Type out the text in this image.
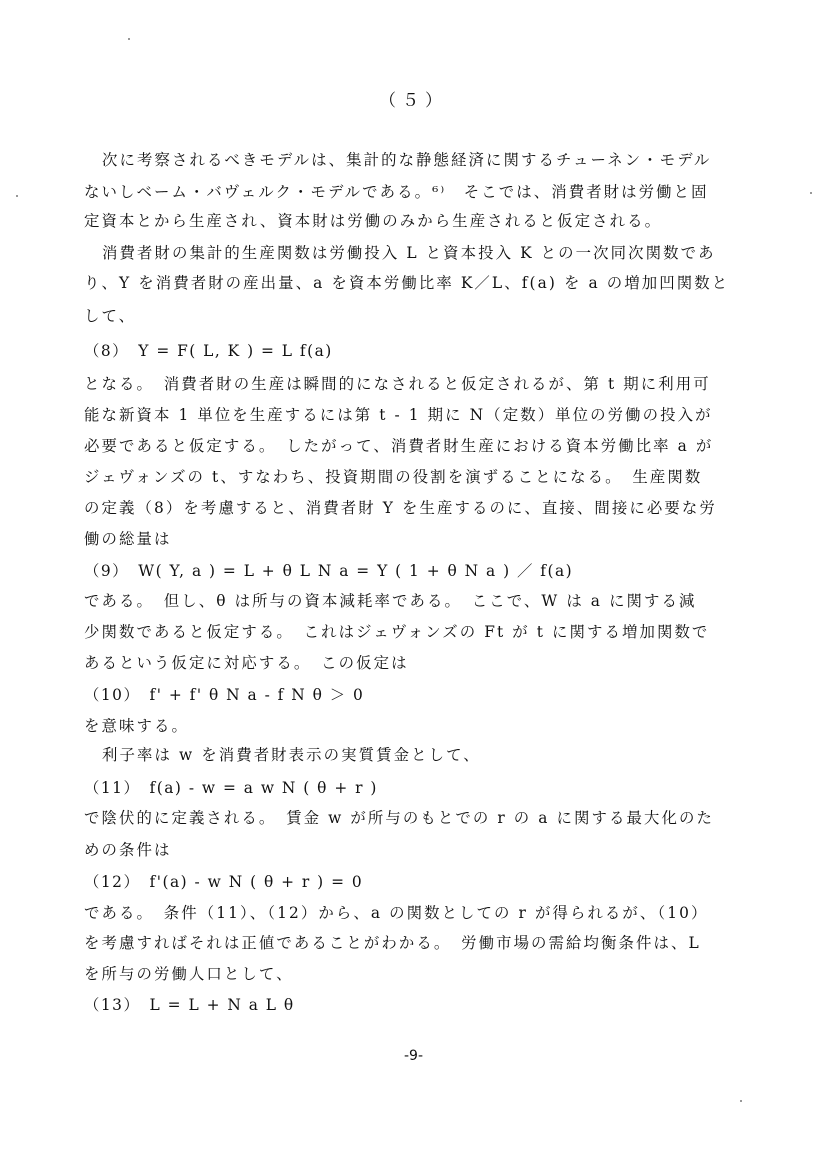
（５）
次に考察されるべきモデルは、集計的な静態経済に関するチューネン・モデル
ないしベーム・バヴェルク・モデルである。⁶⁾　そこでは、消費者財は労働と固
定資本とから生産され、資本財は労働のみから生産されると仮定される。
消費者財の集計的生産関数は労働投入 L と資本投入 K との一次同次関数であ
り、Y を消費者財の産出量、a を資本労働比率 K／L、f(a) を a の増加凹関数と
して、
（8）　Y = F( L, K ) = L f(a)
となる。　消費者財の生産は瞬間的になされると仮定されるが、第 t 期に利用可
能な新資本 1 単位を生産するには第 t - 1 期に N（定数）単位の労働の投入が
必要であると仮定する。　したがって、消費者財生産における資本労働比率 a が
ジェヴォンズの t、すなわち、投資期間の役割を演ずることになる。　生産関数
の定義（8）を考慮すると、消費者財 Y を生産するのに、直接、間接に必要な労
働の総量は
（9）　W( Y, a ) = L + θ L N a = Y ( 1 + θ N a ) ／ f(a)
である。　但し、θ は所与の資本減耗率である。　ここで、W は a に関する減
少関数であると仮定する。　これはジェヴォンズの Ft が t に関する増加関数で
あるという仮定に対応する。　この仮定は
（10）　f' + f' θ N a - f N θ ＞ 0
を意味する。
利子率は w を消費者財表示の実質賃金として、
（11）　f(a) - w = a w N ( θ + r )
で陰伏的に定義される。　賃金 w が所与のもとでの r の a に関する最大化のた
めの条件は
（12）　f'(a) - w N ( θ + r ) = 0
である。　条件（11）、（12）から、a の関数としての r が得られるが、（10）
を考慮すればそれは正値であることがわかる。　労働市場の需給均衡条件は、L
を所与の労働人口として、
（13）　L = L + N a L θ
-9-
